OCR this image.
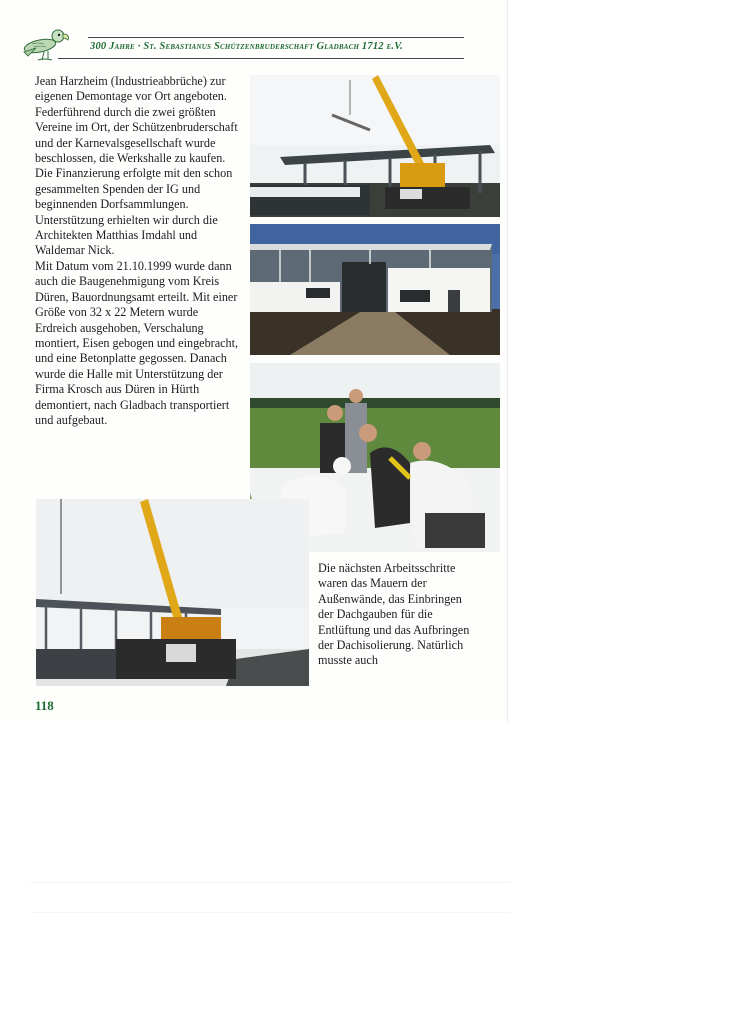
300 Jahre · St. Sebastianus Schützenbruderschaft Gladbach 1712 e.V.

Jean Harzheim (Industrieabbrüche) zur eigenen Demontage vor Ort angeboten.

Federführend durch die zwei größten Vereine im Ort, der Schützenbruderschaft und der Karnevalsgesellschaft wurde beschlossen, die Werkshalle zu kaufen. Die Finanzierung erfolgte mit den schon gesammelten Spenden der IG und beginnenden Dorfsammlungen.

Unterstützung erhielten wir durch die Architekten Matthias Imdahl und Waldemar Nick.

Mit Datum vom 21.10.1999 wurde dann auch die Baugenehmigung vom Kreis Düren, Bauordnungsamt erteilt. Mit einer Größe von 32 x 22 Metern wurde Erdreich ausgehoben, Verschalung montiert, Eisen gebogen und eingebracht, und eine Betonplatte gegossen. Danach wurde die Halle mit Unterstützung der Firma Krosch aus Düren in Hürth demontiert, nach Gladbach transportiert und aufgebaut.

Die nächsten Arbeitsschritte waren das Mauern der Außenwände, das Einbringen der Dachgauben für die Entlüftung und das Aufbringen der Dachisolierung. Natürlich musste auch

118
